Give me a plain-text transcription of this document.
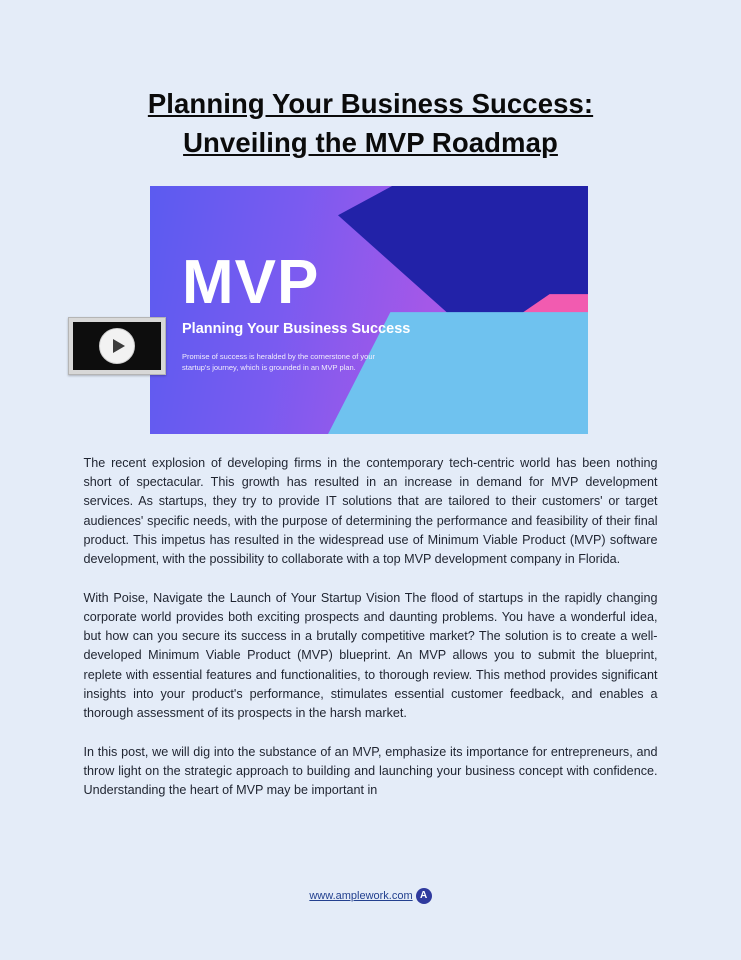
Planning Your Business Success:
Unveiling the MVP Roadmap
MVP
Planning Your Business Success
Promise of success is heralded by the cornerstone of your startup's journey, which is grounded in an MVP plan.

The recent explosion of developing firms in the contemporary tech-centric world has been nothing short of spectacular. This growth has resulted in an increase in demand for MVP development services. As startups, they try to provide IT solutions that are tailored to their customers' or target audiences' specific needs, with the purpose of determining the performance and feasibility of their final product. This impetus has resulted in the widespread use of Minimum Viable Product (MVP) software development, with the possibility to collaborate with a top MVP development company in Florida.

With Poise, Navigate the Launch of Your Startup Vision The flood of startups in the rapidly changing corporate world provides both exciting prospects and daunting problems. You have a wonderful idea, but how can you secure its success in a brutally competitive market? The solution is to create a well-developed Minimum Viable Product (MVP) blueprint. An MVP allows you to submit the blueprint, replete with essential features and functionalities, to thorough review. This method provides significant insights into your product's performance, stimulates essential customer feedback, and enables a thorough assessment of its prospects in the harsh market.

In this post, we will dig into the substance of an MVP, emphasize its importance for entrepreneurs, and throw light on the strategic approach to building and launching your business concept with confidence. Understanding the heart of MVP may be important in

www.amplework.com A
